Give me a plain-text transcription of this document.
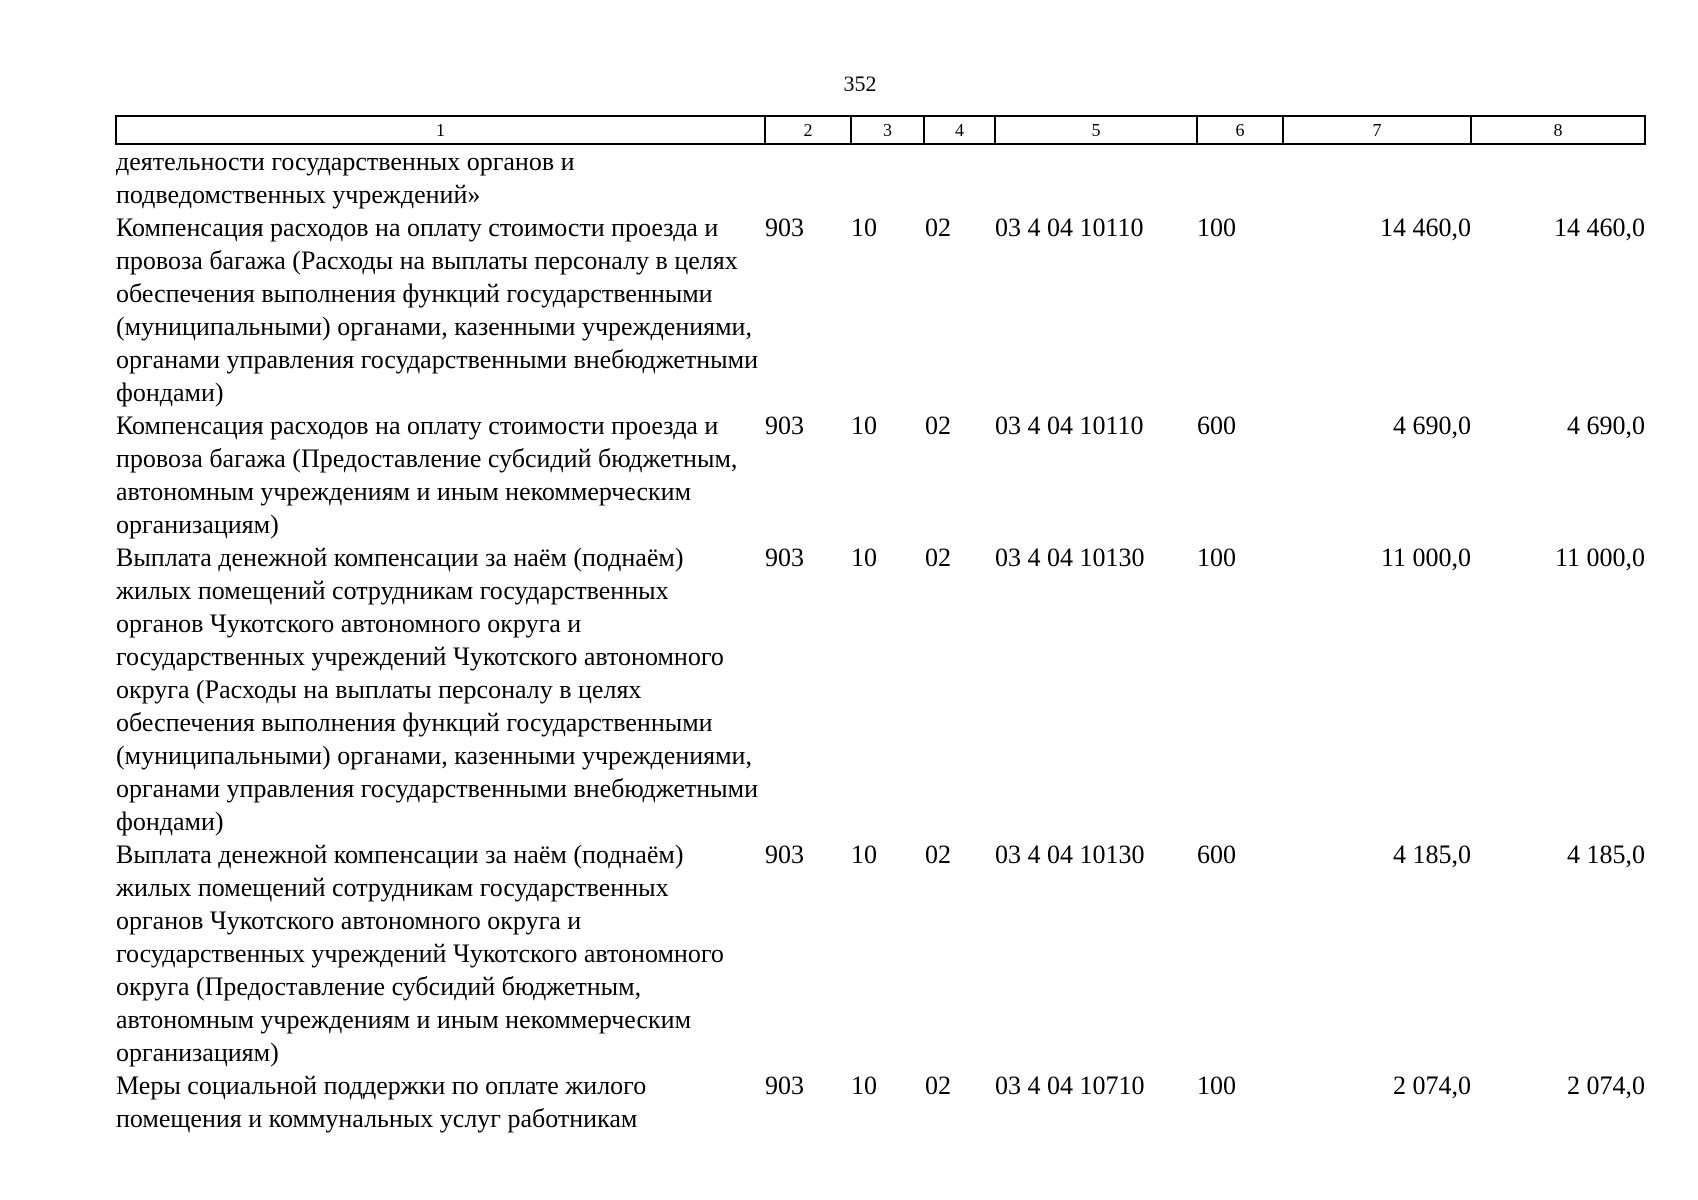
352
1	2	3	4	5	6	7	8
деятельности государственных органов и подведомственных учреждений»							
Компенсация расходов на оплату стоимости проезда и провоза багажа (Расходы на выплаты персоналу в целях обеспечения выполнения функций государственными (муниципальными) органами, казенными учреждениями, органами управления государственными внебюджетными фондами)	903	10	02	03 4 04 10110	100	14 460,0	14 460,0
Компенсация расходов на оплату стоимости проезда и провоза багажа (Предоставление субсидий бюджетным, автономным учреждениям и иным некоммерческим организациям)	903	10	02	03 4 04 10110	600	4 690,0	4 690,0
Выплата денежной компенсации за наём (поднаём) жилых помещений сотрудникам государственных органов Чукотского автономного округа и государственных учреждений Чукотского автономного округа (Расходы на выплаты персоналу в целях обеспечения выполнения функций государственными (муниципальными) органами, казенными учреждениями, органами управления государственными внебюджетными фондами)	903	10	02	03 4 04 10130	100	11 000,0	11 000,0
Выплата денежной компенсации за наём (поднаём) жилых помещений сотрудникам государственных органов Чукотского автономного округа и государственных учреждений Чукотского автономного округа (Предоставление субсидий бюджетным, автономным учреждениям и иным некоммерческим организациям)	903	10	02	03 4 04 10130	600	4 185,0	4 185,0
Меры социальной поддержки по оплате жилого помещения и коммунальных услуг работникам	903	10	02	03 4 04 10710	100	2 074,0	2 074,0
